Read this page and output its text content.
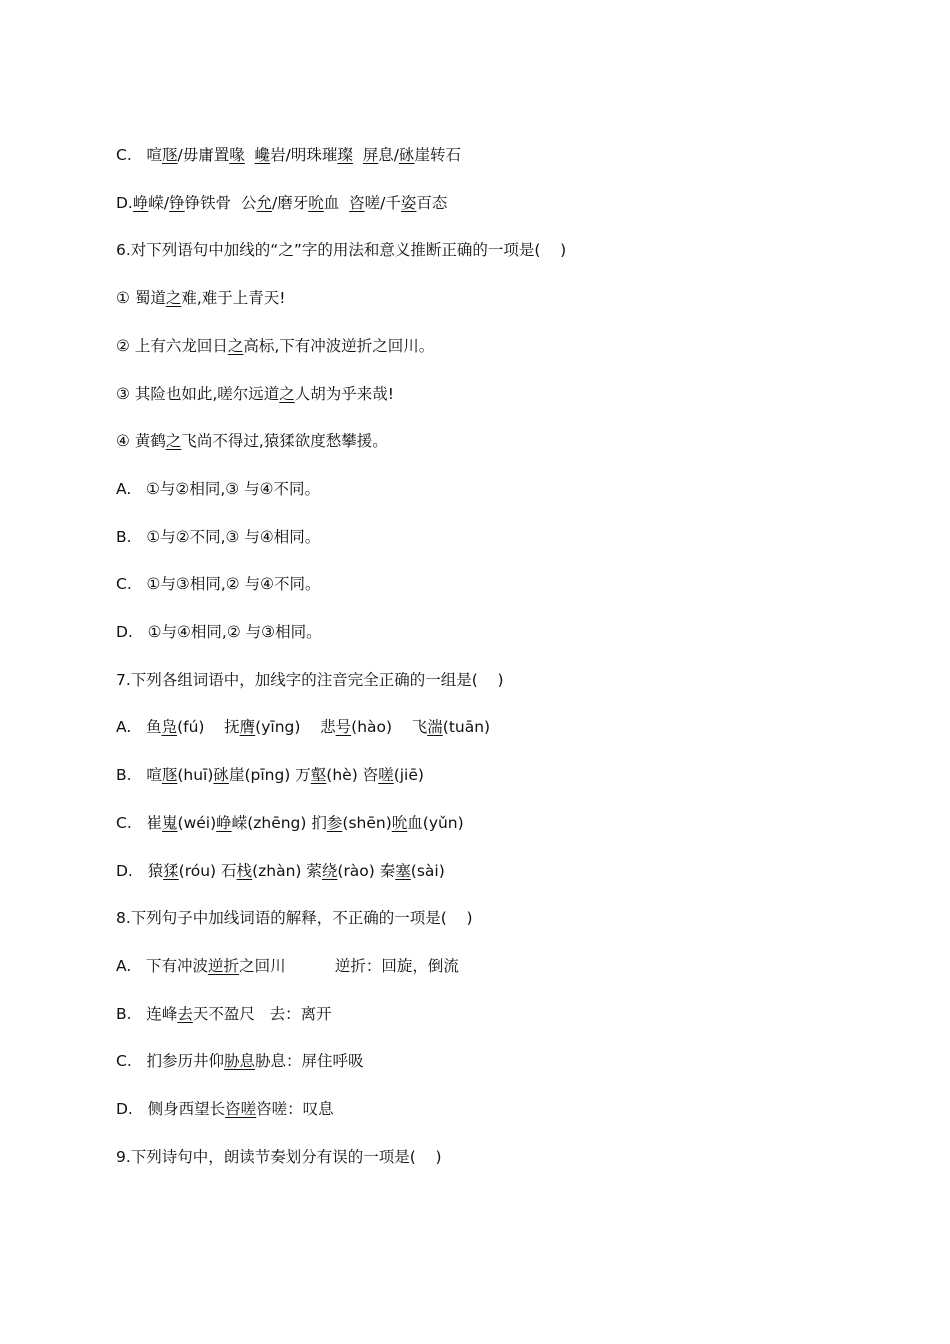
C.   喧豗/毋庸置喙 巉岩/明珠璀璨 屏息/砯崖转石
D.峥嵘/铮铮铁骨  公允/磨牙吮血  咨嗟/千姿百态
6.对下列语句中加线的“之”字的用法和意义推断正确的一项是(    )
① 蜀道之难,难于上青天!
② 上有六龙回日之高标,下有冲波逆折之回川。
③ 其险也如此,嗟尔远道之人胡为乎来哉!
④ 黄鹤之飞尚不得过,猿猱欲度愁攀援。
A.   ①与②相同,③ 与④不同。
B.   ①与②不同,③ 与④相同。
C.   ①与③相同,② 与④不同。
D.   ①与④相同,② 与③相同。
7.下列各组词语中，加线字的注音完全正确的一组是(    )
A.   鱼凫(fú)    抚膺(yīng)    悲号(hào)    飞湍(tuān)
B.   喧豗(huī)砯崖(pīng) 万壑(hè) 咨嗟(jiē)
C.   崔嵬(wéi)峥嵘(zhēng) 扪参(shēn)吮血(yǔn)
D.   猿猱(róu) 石栈(zhàn) 萦绕(rào) 秦塞(sài)
8.下列句子中加线词语的解释，不正确的一项是(    )
A.   下有冲波逆折之回川          逆折：回旋，倒流
B.   连峰去天不盈尺   去：离开
C.   扪参历井仰胁息胁息：屏住呼吸
D.   侧身西望长咨嗟咨嗟：叹息
9.下列诗句中，朗读节奏划分有误的一项是(    )
